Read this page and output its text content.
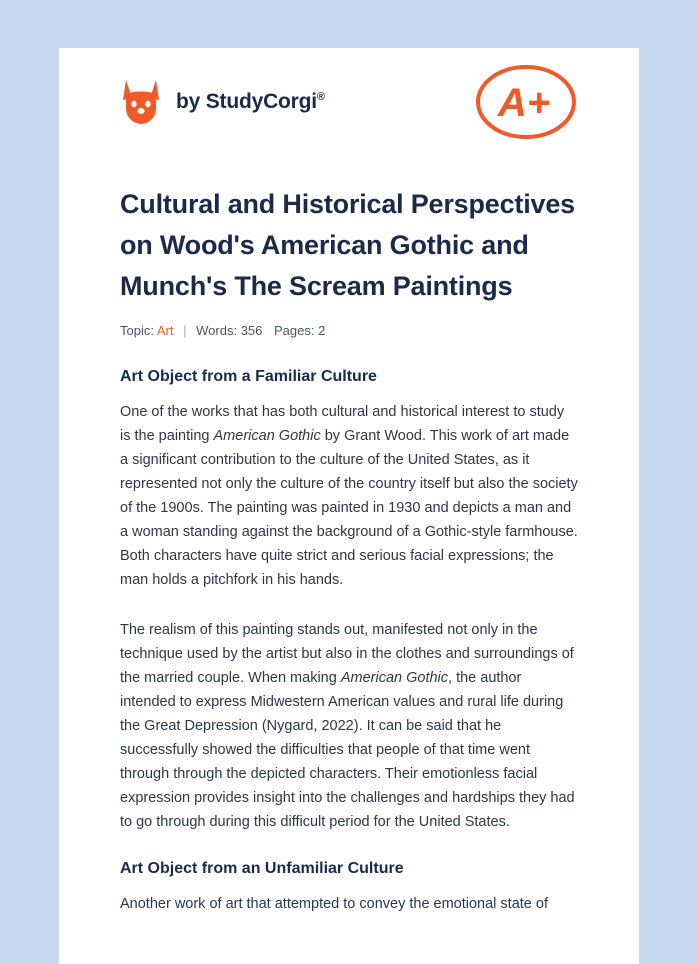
by StudyCorgi®	A+
Cultural and Historical Perspectives on Wood's American Gothic and Munch's The Scream Paintings
Topic: Art | Words: 356 Pages: 2
Art Object from a Familiar Culture

One of the works that has both cultural and historical interest to study is the painting American Gothic by Grant Wood. This work of art made a significant contribution to the culture of the United States, as it represented not only the culture of the country itself but also the society of the 1900s. The painting was painted in 1930 and depicts a man and a woman standing against the background of a Gothic-style farmhouse. Both characters have quite strict and serious facial expressions; the man holds a pitchfork in his hands.

The realism of this painting stands out, manifested not only in the technique used by the artist but also in the clothes and surroundings of the married couple. When making American Gothic, the author intended to express Midwestern American values and rural life during the Great Depression (Nygard, 2022). It can be said that he successfully showed the difficulties that people of that time went through through the depicted characters. Their emotionless facial expression provides insight into the challenges and hardships they had to go through during this difficult period for the United States.

Art Object from an Unfamiliar Culture

Another work of art that attempted to convey the emotional state of
